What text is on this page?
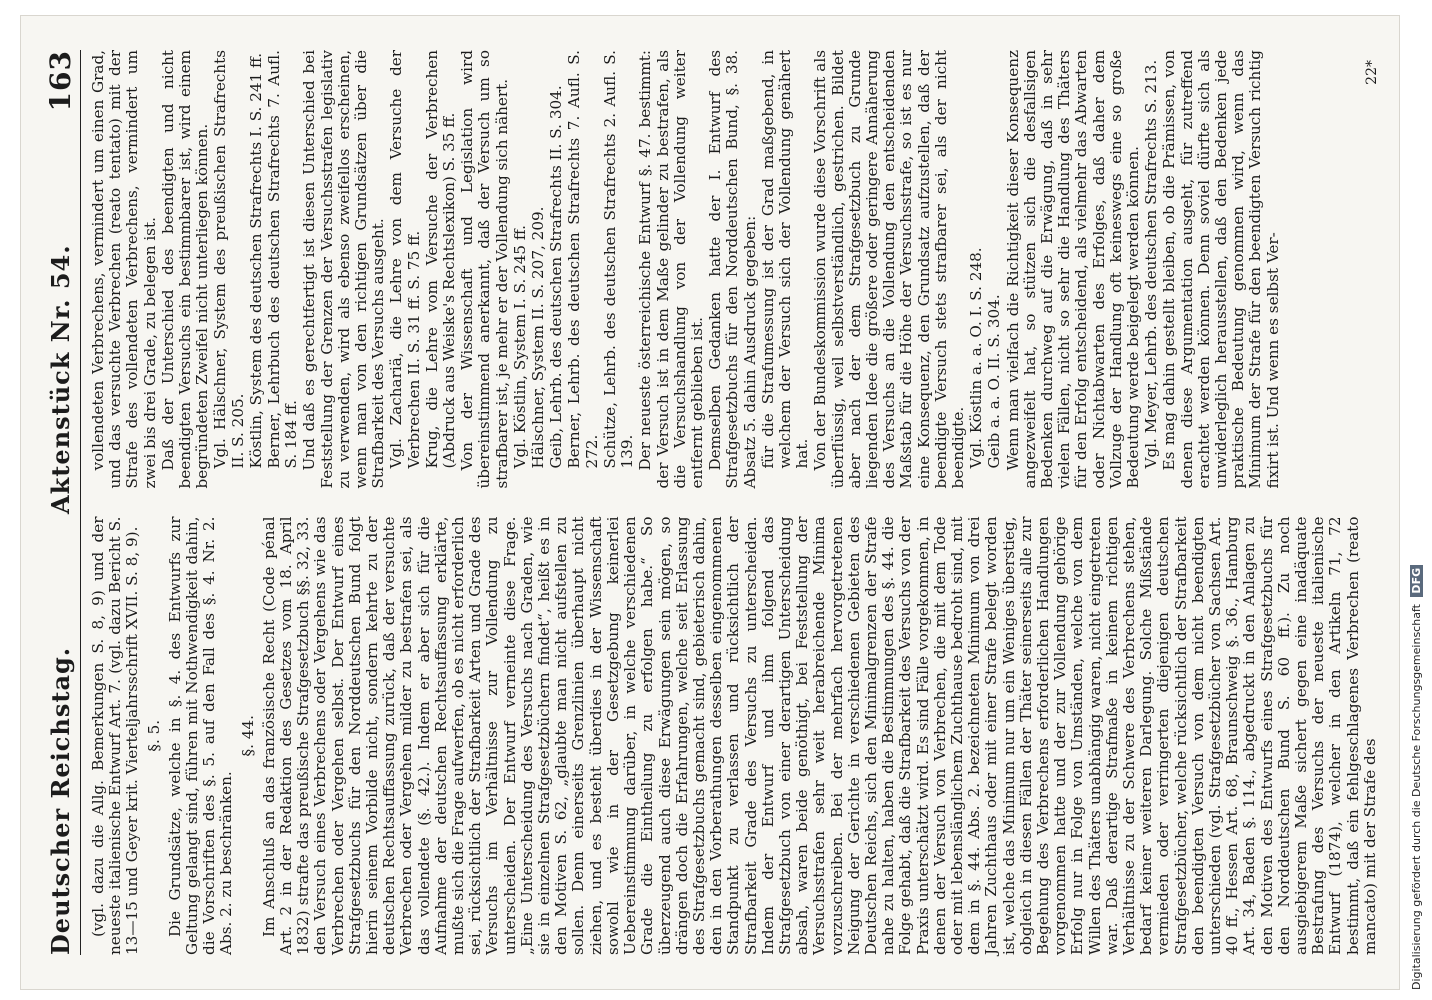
Deutscher Reichstag.
Aktenstück Nr. 54.
163

(vgl. dazu die Allg. Bemerkungen S. 8, 9) und der neueste italienische Entwurf Art. 7. (vgl. dazu Bericht S. 13—15 und Geyer krit. Vierteljahrsschrift XVII. S. 8, 9). §. 5. Die Grundsätze, welche in §. 4. des Entwurfs zur Geltung gelangt sind, führen mit Nothwendigkeit dahin, die Vorschriften des §. 5. auf den Fall des §. 4. Nr. 2. Abs. 2. zu beschränken.

§. 44. Im Anschluß an das französische Recht (Code pénal Art. 2 in der Redaktion des Gesetzes vom 18. April 1832) strafte das preußische Strafgesetzbuch §§. 32, 33. den Versuch eines Verbrechens oder Vergehens wie das Verbrechen oder Vergehen selbst. Der Entwurf eines Strafgesetzbuchs für den Norddeutschen Bund folgt hierin seinem Vorbilde nicht, sondern kehrte zu der deutschen Rechtsauffassung zurück, daß der versuchte Verbrechen oder Vergehen milder zu bestrafen sei, als das vollendete (§. 42.). Indem er aber sich für die Aufnahme der deutschen Rechtsauffassung erklärte, mußte sich die Frage aufwerfen, ob es nicht erforderlich sei, rücksichtlich der Strafbarkeit Arten und Grade des Versuchs im Verhältnisse zur Vollendung zu unterscheiden. Der Entwurf verneinte diese Frage. „Eine Unterscheidung des Versuchs nach Graden, wie sie in einzelnen Strafgesetzbüchern findet“, heißt es in den Motiven S. 62, „glaubte man nicht aufstellen zu sollen. Denn einerseits Grenzlinien überhaupt nicht ziehen, und es besteht überdies in der Wissenschaft sowohl wie in der Gesetzgebung keinerlei Uebereinstimmung darüber, in welche verschiedenen Grade die Eintheilung zu erfolgen habe.“ So überzeugend auch diese Erwägungen sein mögen, so drängen doch die Erfahrungen, welche seit Erlassung des Strafgesetzbuchs gemacht sind, gebieterisch dahin, den in den Vorberathungen desselben eingenommenen Standpunkt zu verlassen und rücksichtlich der Strafbarkeit Grade des Versuchs zu unterscheiden. Indem der Entwurf und ihm folgend das Strafgesetzbuch von einer derartigen Unterscheidung absah, waren beide genöthigt, bei Feststellung der Versuchsstrafen sehr weit herabreichende Minima vorzuschreiben. Bei der mehrfach hervorgetretenen Neigung der Gerichte in verschiedenen Gebieten des Deutschen Reichs, sich den Minimalgrenzen der Strafe nahe zu halten, haben die Bestimmungen des §. 44. die Folge gehabt, daß die Strafbarkeit des Versuchs von der Praxis unterschätzt wird. Es sind Fälle vorgekommen, in denen der Versuch von Verbrechen, die mit dem Tode oder mit lebenslänglichem Zuchthause bedroht sind, mit dem in §. 44. Abs. 2. bezeichneten Minimum von drei Jahren Zuchthaus oder mit einer Strafe belegt worden ist, welche das Minimum nur um ein Weniges überstieg, obgleich in diesen Fällen der Thäter seinerseits alle zur Begehung des Verbrechens erforderlichen Handlungen vorgenommen hatte und der zur Vollendung gehörige Erfolg nur in Folge von Umständen, welche von dem Willen des Thäters unabhängig waren, nicht eingetreten war. Daß derartige Strafmaße in keinem richtigen Verhältnisse zu der Schwere des Verbrechens stehen, bedarf keiner weiteren Darlegung. Solche Mißstände vermieden oder verringerten diejenigen deutschen Strafgesetzbücher, welche rücksichtlich der Strafbarkeit den beendigten Versuch von dem nicht beendigten unterschieden (vgl. Strafgesetzbücher von Sachsen Art. 40 ff., Hessen Art. 68, Braunschweig §. 36., Hamburg Art. 34, Baden §. 114., abgedruckt in den Anlagen zu den Motiven des Entwurfs eines Strafgesetzbuchs für den Norddeutschen Bund S. 60 ff.). Zu noch ausgiebigerem Maße sichert gegen eine inadäquate Bestrafung des Versuchs der neueste italienische Entwurf (1874), welcher in den Artikeln 71, 72 bestimmt, daß ein fehlgeschlagenes Verbrechen (reato mancato) mit der Strafe des

vollendeten Verbrechens, vermindert um einen Grad, und das versuchte Verbrechen (reato tentato) mit der Strafe des vollendeten Verbrechens, vermindert um zwei bis drei Grade, zu belegen ist. Daß der Unterschied des beendigten und nicht beendigten Versuchs ein bestimmbarer ist, wird einem begründeten Zweifel nicht unterliegen können. Vgl. Hälschner, System des preußischen Strafrechts II. S. 205. Köstlin, System des deutschen Strafrechts I. S. 241 ff. Berner, Lehrbuch des deutschen Strafrechts 7. Aufl. S. 184 ff. Und daß es gerechtfertigt ist diesen Unterschied bei Feststellung der Grenzen der Versuchsstrafen legislativ zu verwenden, wird als ebenso zweifellos erscheinen, wenn man von den richtigen Grundsätzen über die Strafbarkeit des Versuchs ausgeht. Vgl. Zachariä, die Lehre von dem Versuche der Verbrechen II. S. 31 ff. S. 75 ff. Krug, die Lehre vom Versuche der Verbrechen (Abdruck aus Weiske's Rechtslexikon) S. 35 ff. Von der Wissenschaft und Legislation wird übereinstimmend anerkannt, daß der Versuch um so strafbarer ist, je mehr er der Vollendung sich nähert. Vgl. Köstlin, System I. S. 245 ff. Hälschner, System II. S. 207, 209. Geib, Lehrb. des deutschen Strafrechts II. S. 304. Berner, Lehrb. des deutschen Strafrechts 7. Aufl. S. 272. Schütze, Lehrb. des deutschen Strafrechts 2. Aufl. S. 139. Der neueste österreichische Entwurf §. 47. bestimmt: der Versuch ist in dem Maße gelinder zu bestrafen, als die Versuchshandlung von der Vollendung weiter entfernt geblieben ist. Demselben Gedanken hatte der I. Entwurf des Strafgesetzbuchs für den Norddeutschen Bund, §. 38. Absatz 5. dahin Ausdruck gegeben: für die Strafumessung ist der Grad maßgebend, in welchem der Versuch sich der Vollendung genähert hat. Von der Bundeskommission wurde diese Vorschrift als überflüssig, weil selbstverständlich, gestrichen. Bildet aber nach der dem Strafgesetzbuch zu Grunde liegenden Idee die größere oder geringere Annäherung des Versuchs an die Vollendung den entscheidenden Maßstab für die Höhe der Versuchsstrafe, so ist es nur eine Konsequenz, den Grundsatz aufzustellen, daß der beendigte Versuch stets strafbarer sei, als der nicht beendigte. Vgl. Köstlin a. a. O. I. S. 248. Geib a. a. O. II. S. 304. Wenn man vielfach die Richtigkeit dieser Konsequenz angezweifelt hat, so stützen sich die desfallsigen Bedenken durchweg auf die Erwägung, daß in sehr vielen Fällen, nicht so sehr die Handlung des Thäters für den Erfolg entscheidend, als vielmehr das Abwarten oder Nichtabwarten des Erfolges, daß daher dem Vollzuge der Handlung oft keineswegs eine so große Bedeutung werde beigelegt werden können. Vgl. Meyer, Lehrb. des deutschen Strafrechts S. 213. Es mag dahin gestellt bleiben, ob die Prämissen, von denen diese Argumentation ausgeht, für zutreffend erachtet werden können. Denn soviel dürfte sich als unwiderleglich herausstellen, daß den Bedenken jede praktische Bedeutung genommen wird, wenn das Minimum der Strafe für den beendigten Versuch richtig fixirt ist. Und wenn es selbst Ver-

22*
Digitalisierung gefördert durch die Deutsche Forschungsgemeinschaft DFG
